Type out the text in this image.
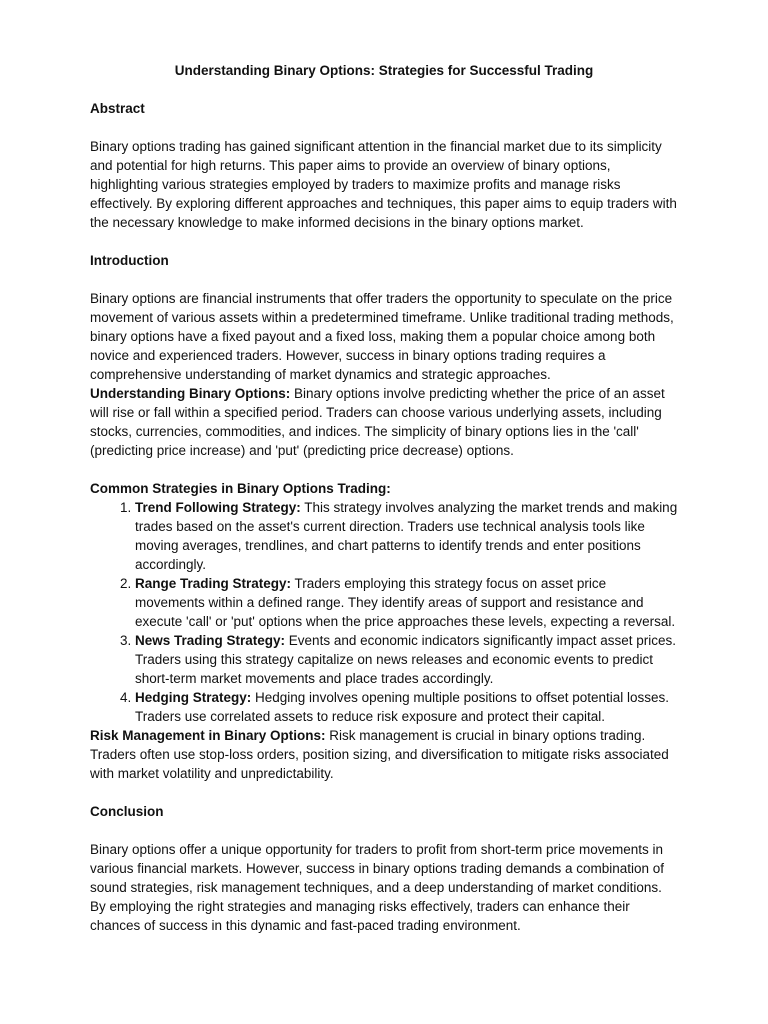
Understanding Binary Options: Strategies for Successful Trading
Abstract

Binary options trading has gained significant attention in the financial market due to its simplicity and potential for high returns. This paper aims to provide an overview of binary options, highlighting various strategies employed by traders to maximize profits and manage risks effectively. By exploring different approaches and techniques, this paper aims to equip traders with the necessary knowledge to make informed decisions in the binary options market.

Introduction

Binary options are financial instruments that offer traders the opportunity to speculate on the price movement of various assets within a predetermined timeframe. Unlike traditional trading methods, binary options have a fixed payout and a fixed loss, making them a popular choice among both novice and experienced traders. However, success in binary options trading requires a comprehensive understanding of market dynamics and strategic approaches.

Understanding Binary Options: Binary options involve predicting whether the price of an asset will rise or fall within a specified period. Traders can choose various underlying assets, including stocks, currencies, commodities, and indices. The simplicity of binary options lies in the 'call' (predicting price increase) and 'put' (predicting price decrease) options.

Common Strategies in Binary Options Trading:
1. Trend Following Strategy: This strategy involves analyzing the market trends and making trades based on the asset's current direction. Traders use technical analysis tools like moving averages, trendlines, and chart patterns to identify trends and enter positions accordingly.
2. Range Trading Strategy: Traders employing this strategy focus on asset price movements within a defined range. They identify areas of support and resistance and execute 'call' or 'put' options when the price approaches these levels, expecting a reversal.
3. News Trading Strategy: Events and economic indicators significantly impact asset prices. Traders using this strategy capitalize on news releases and economic events to predict short-term market movements and place trades accordingly.
4. Hedging Strategy: Hedging involves opening multiple positions to offset potential losses. Traders use correlated assets to reduce risk exposure and protect their capital.

Risk Management in Binary Options: Risk management is crucial in binary options trading. Traders often use stop-loss orders, position sizing, and diversification to mitigate risks associated with market volatility and unpredictability.

Conclusion

Binary options offer a unique opportunity for traders to profit from short-term price movements in various financial markets. However, success in binary options trading demands a combination of sound strategies, risk management techniques, and a deep understanding of market conditions. By employing the right strategies and managing risks effectively, traders can enhance their chances of success in this dynamic and fast-paced trading environment.
